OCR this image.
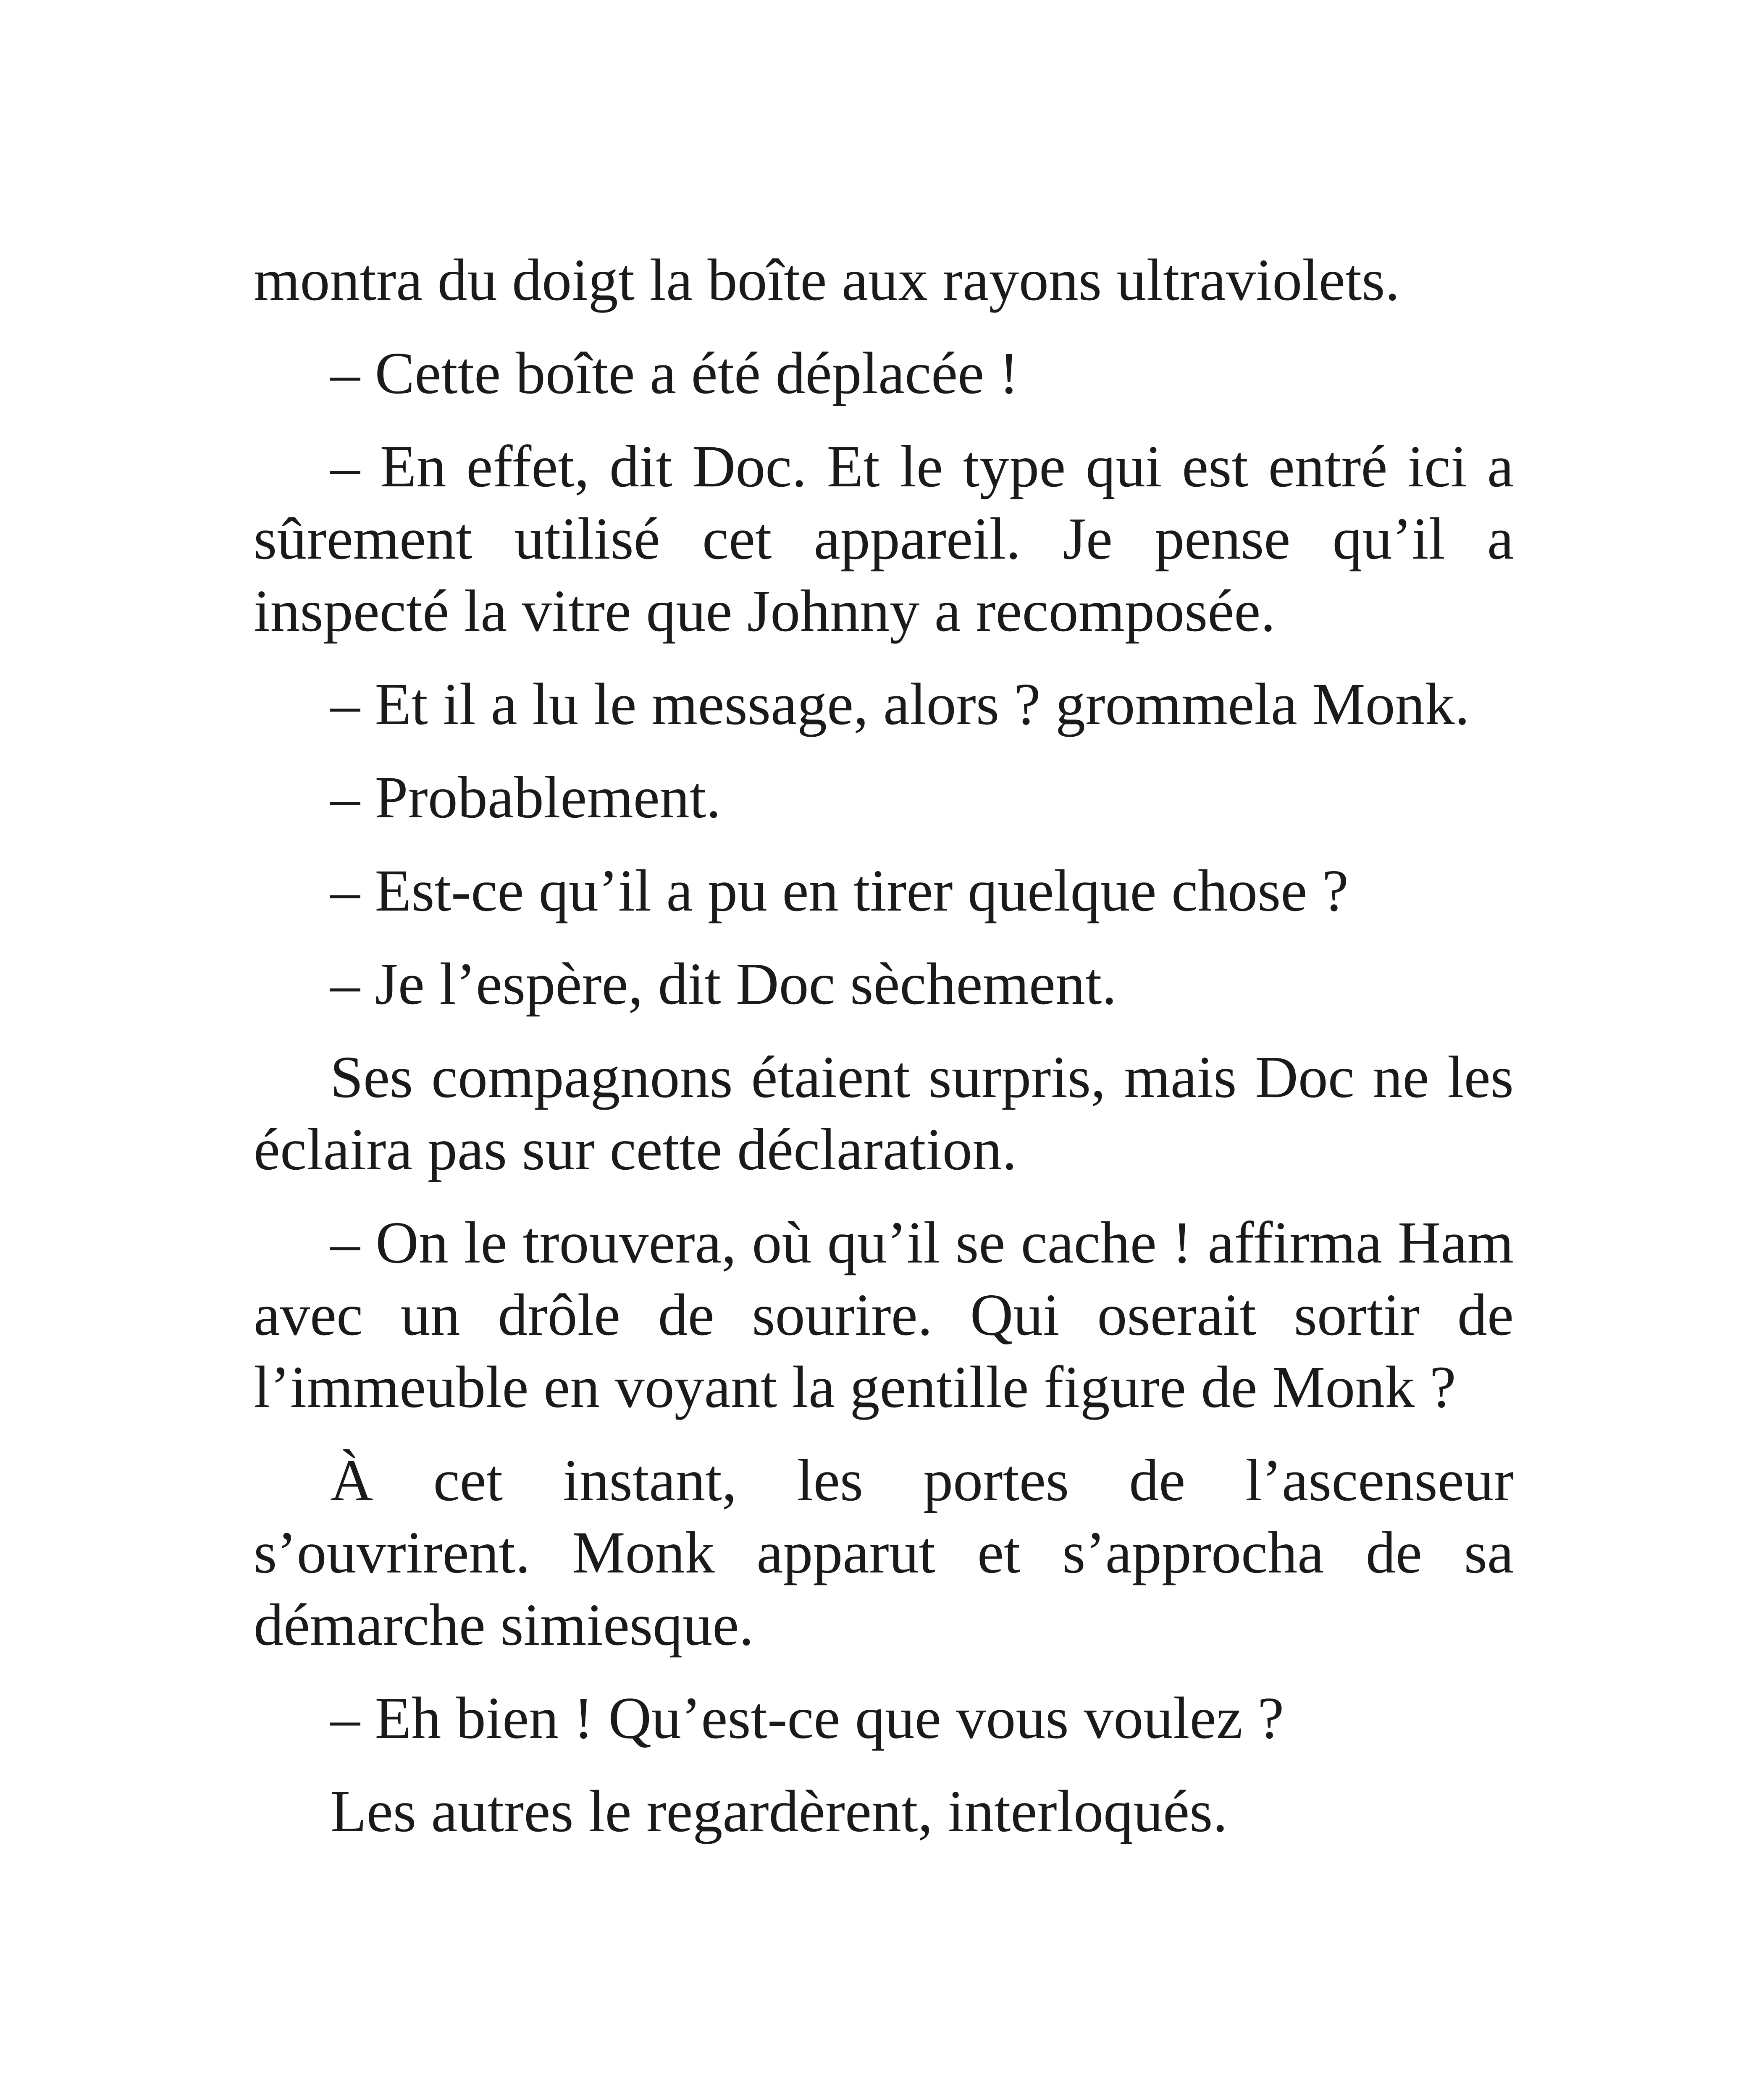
montra du doigt la boîte aux rayons ultraviolets.

– Cette boîte a été déplacée !

– En effet, dit Doc. Et le type qui est entré ici a sûrement utilisé cet appareil. Je pense qu’il a inspecté la vitre que Johnny a recomposée.

– Et il a lu le message, alors ? grommela Monk.

– Probablement.

– Est-ce qu’il a pu en tirer quelque chose ?

– Je l’espère, dit Doc sèchement.

Ses compagnons étaient surpris, mais Doc ne les éclaira pas sur cette déclaration.

– On le trouvera, où qu’il se cache ! affirma Ham avec un drôle de sourire. Qui oserait sortir de l’immeuble en voyant la gentille figure de Monk ?

À cet instant, les portes de l’ascenseur s’ouvrirent. Monk apparut et s’approcha de sa démarche simiesque.

– Eh bien ! Qu’est-ce que vous voulez ?

Les autres le regardèrent, interloqués.
